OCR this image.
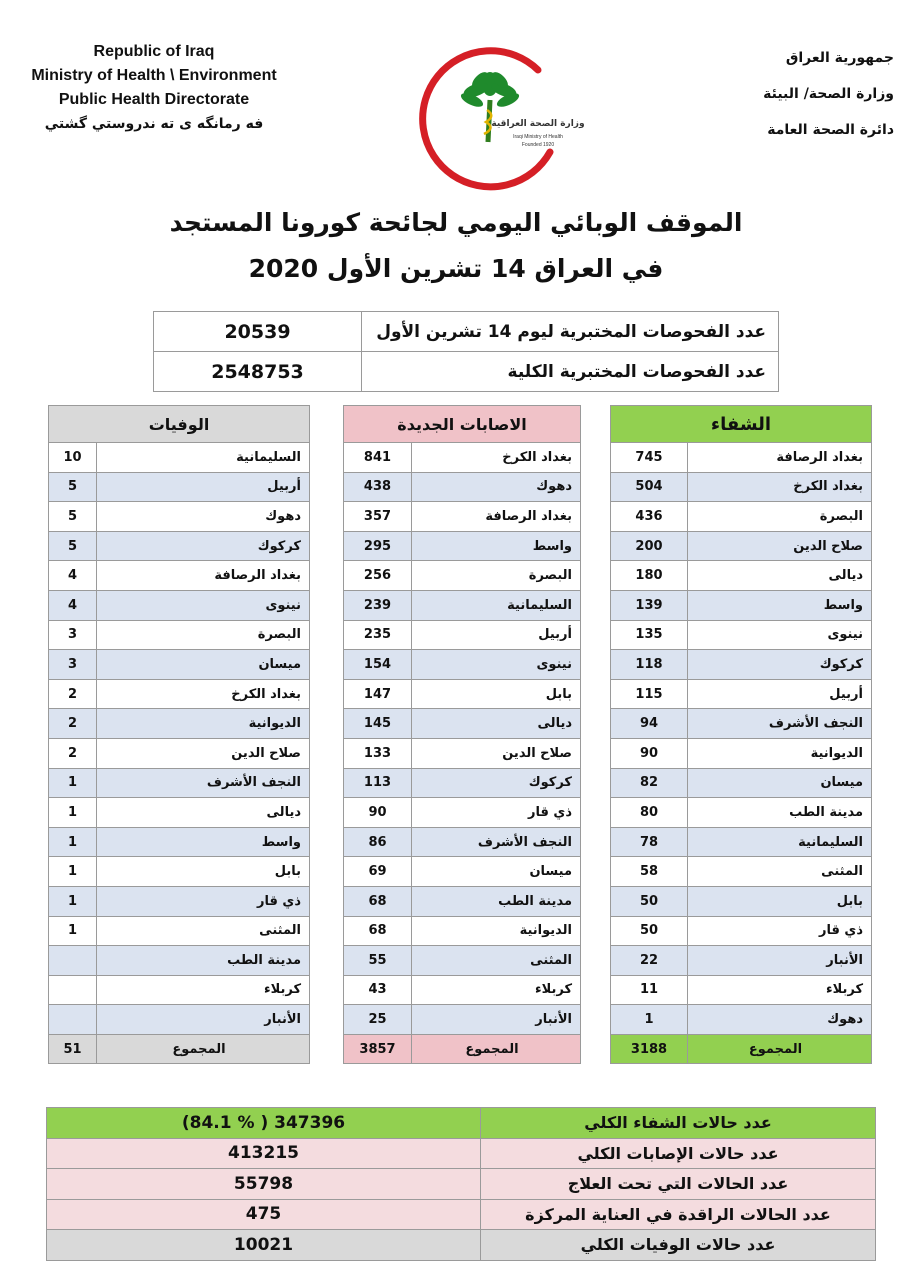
Republic of Iraq
Ministry of Health \ Environment
Public Health Directorate
فه رمانگه ی ته ندروستي گشتي
جمهورية العراق
وزارة الصحة/ البيئة
دائرة الصحة العامة
وزارة الصحة العراقية
Iraqi Ministry of Health
Founded 1920
الموقف الوبائي اليومي لجائحة كورونا المستجد
في العراق 14 تشرين الأول 2020
20539	عدد الفحوصات المختبرية ليوم 14 تشرين الأول
2548753	عدد الفحوصات المختبرية الكلية
الشفاء	
745	بغداد الرصافة
504	بغداد الكرخ
436	البصرة
200	صلاح الدين
180	ديالى
139	واسط
135	نينوى
118	كركوك
115	أربيل
94	النجف الأشرف
90	الديوانية
82	ميسان
80	مدينة الطب
78	السليمانية
58	المثنى
50	بابل
50	ذي قار
22	الأنبار
11	كربلاء
1	دهوك
3188	المجموع
الاصابات الجديدة	
841	بغداد الكرخ
438	دهوك
357	بغداد الرصافة
295	واسط
256	البصرة
239	السليمانية
235	أربيل
154	نينوى
147	بابل
145	ديالى
133	صلاح الدين
113	كركوك
90	ذي قار
86	النجف الأشرف
69	ميسان
68	مدينة الطب
68	الديوانية
55	المثنى
43	كربلاء
25	الأنبار
3857	المجموع
الوفيات	
10	السليمانية
5	أربيل
5	دهوك
5	كركوك
4	بغداد الرصافة
4	نينوى
3	البصرة
3	ميسان
2	بغداد الكرخ
2	الديوانية
2	صلاح الدين
1	النجف الأشرف
1	ديالى
1	واسط
1	بابل
1	ذي قار
1	المثنى
	مدينة الطب
	كربلاء
	الأنبار
51	المجموع
(84.1 % ) 347396	عدد حالات الشفاء الكلي
413215	عدد حالات الإصابات الكلي
55798	عدد الحالات التي تحت العلاج
475	عدد الحالات الراقدة في العناية المركزة
10021	عدد حالات الوفيات الكلي
